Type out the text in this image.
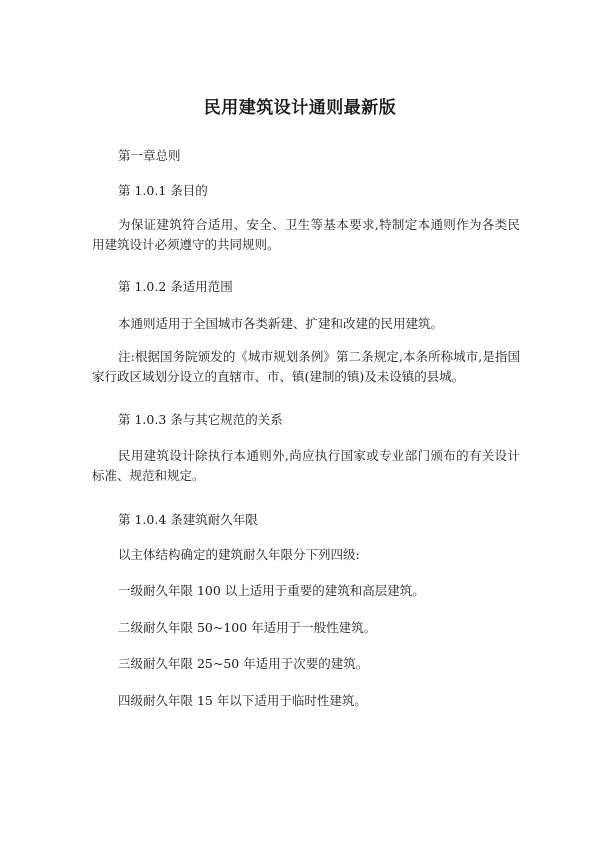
民用建筑设计通则最新版
第一章总则
第 1.0.1 条目的
为保证建筑符合适用、安全、卫生等基本要求,特制定本通则作为各类民用建筑设计必须遵守的共同规则。
第 1.0.2 条适用范围
本通则适用于全国城市各类新建、扩建和改建的民用建筑。
注:根据国务院颁发的《城市规划条例》第二条规定,本条所称城市,是指国家行政区域划分设立的直辖市、市、镇(建制的镇)及未设镇的县城。
第 1.0.3 条与其它规范的关系
民用建筑设计除执行本通则外,尚应执行国家或专业部门颁布的有关设计标准、规范和规定。
第 1.0.4 条建筑耐久年限
以主体结构确定的建筑耐久年限分下列四级:
一级耐久年限 100 以上适用于重要的建筑和高层建筑。
二级耐久年限 50~100 年适用于一般性建筑。
三级耐久年限 25~50 年适用于次要的建筑。
四级耐久年限 15 年以下适用于临时性建筑。
